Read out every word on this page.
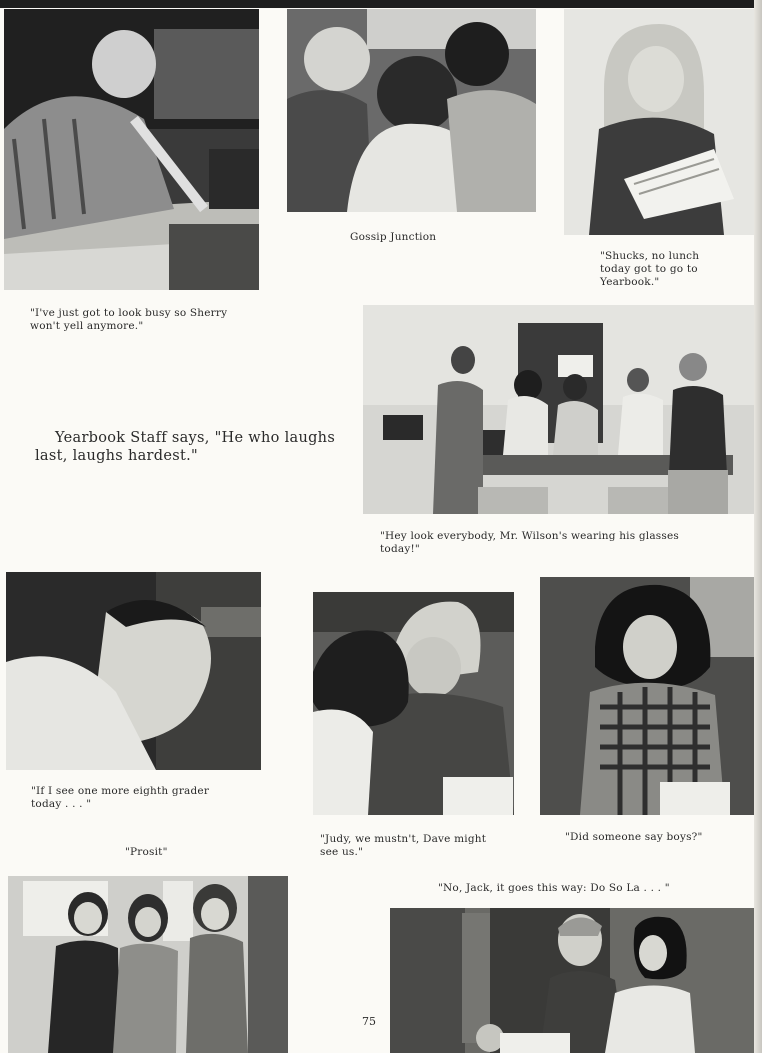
"I've just got to look busy so Sherry
won't yell anymore."
Gossip Junction
"Shucks, no lunch
today got to go to
Yearbook."
Yearbook Staff says, "He who laughs
last, laughs hardest."
"Hey look everybody, Mr. Wilson's wearing his glasses
today!"
"If I see one more eighth grader
today . . . "
"Prosit"
"Judy, we mustn't, Dave might
see us."
"Did someone say boys?"
"No, Jack, it goes this way: Do So La . . . "
75
